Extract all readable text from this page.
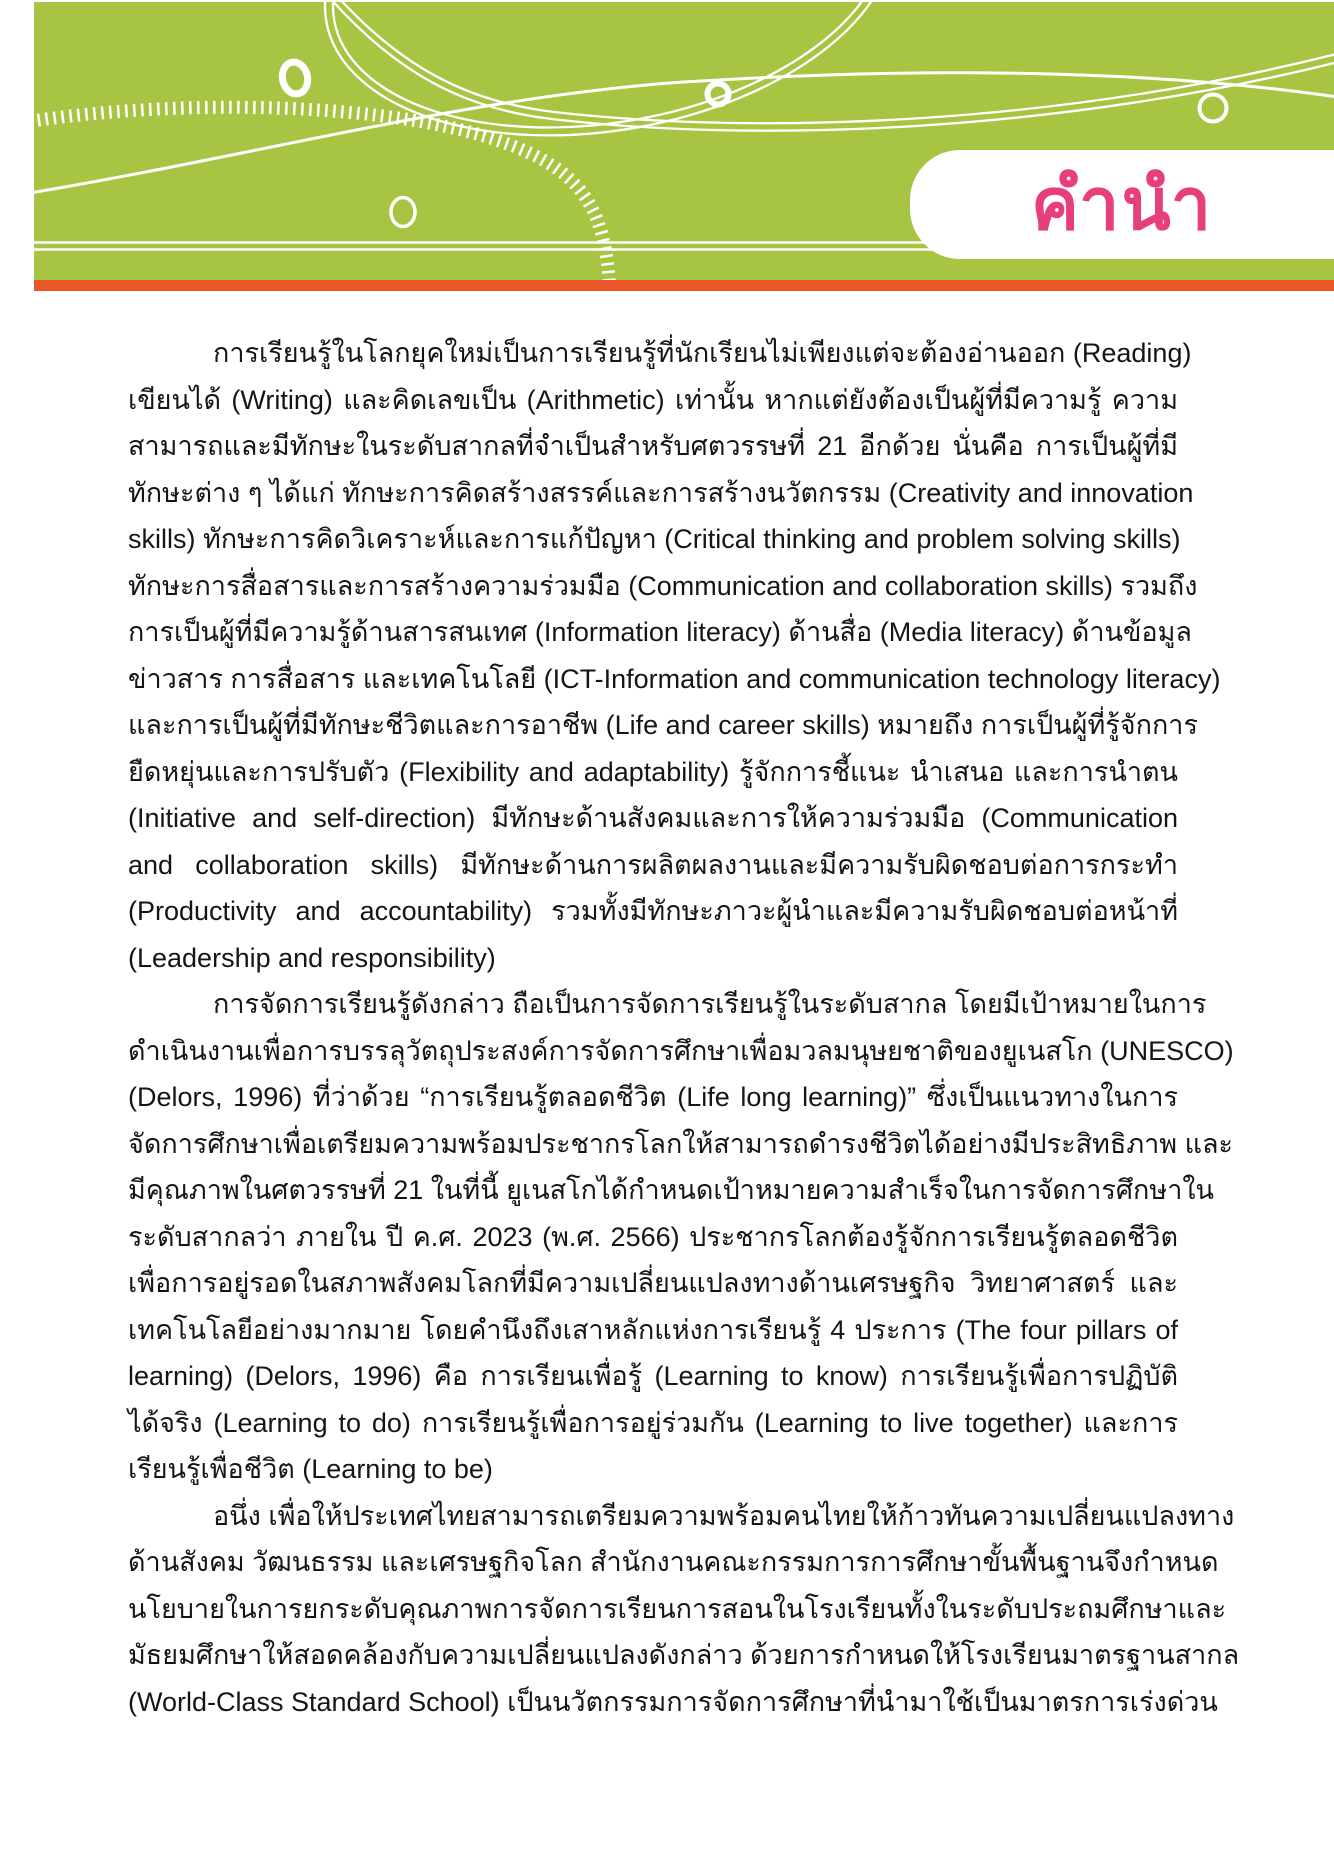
คำนำ
การเรียนรู้ในโลกยุคใหม่เป็นการเรียนรู้ที่นักเรียนไม่เพียงแต่จะต้องอ่านออก (Reading)
เขียนได้ (Writing) และคิดเลขเป็น (Arithmetic) เท่านั้น หากแต่ยังต้องเป็นผู้ที่มีความรู้ ความ
สามารถและมีทักษะในระดับสากลที่จำเป็นสำหรับศตวรรษที่ 21 อีกด้วย นั่นคือ การเป็นผู้ที่มี
ทักษะต่าง ๆ ได้แก่ ทักษะการคิดสร้างสรรค์และการสร้างนวัตกรรม (Creativity and innovation
skills) ทักษะการคิดวิเคราะห์และการแก้ปัญหา (Critical thinking and problem solving skills)
ทักษะการสื่อสารและการสร้างความร่วมมือ (Communication and collaboration skills) รวมถึง
การเป็นผู้ที่มีความรู้ด้านสารสนเทศ (Information literacy) ด้านสื่อ (Media literacy) ด้านข้อมูล
ข่าวสาร การสื่อสาร และเทคโนโลยี (ICT-Information and communication technology literacy)
และการเป็นผู้ที่มีทักษะชีวิตและการอาชีพ (Life and career skills) หมายถึง การเป็นผู้ที่รู้จักการ
ยืดหยุ่นและการปรับตัว (Flexibility and adaptability) รู้จักการชี้แนะ นำเสนอ และการนำตน
(Initiative and self-direction) มีทักษะด้านสังคมและการให้ความร่วมมือ (Communication
and collaboration skills) มีทักษะด้านการผลิตผลงานและมีความรับผิดชอบต่อการกระทำ
(Productivity and accountability) รวมทั้งมีทักษะภาวะผู้นำและมีความรับผิดชอบต่อหน้าที่
(Leadership and responsibility)
การจัดการเรียนรู้ดังกล่าว ถือเป็นการจัดการเรียนรู้ในระดับสากล โดยมีเป้าหมายในการ
ดำเนินงานเพื่อการบรรลุวัตถุประสงค์การจัดการศึกษาเพื่อมวลมนุษยชาติของยูเนสโก (UNESCO)
(Delors, 1996) ที่ว่าด้วย “การเรียนรู้ตลอดชีวิต (Life long learning)” ซึ่งเป็นแนวทางในการ
จัดการศึกษาเพื่อเตรียมความพร้อมประชากรโลกให้สามารถดำรงชีวิตได้อย่างมีประสิทธิภาพ และ
มีคุณภาพในศตวรรษที่ 21 ในที่นี้ ยูเนสโกได้กำหนดเป้าหมายความสำเร็จในการจัดการศึกษาใน
ระดับสากลว่า ภายใน ปี ค.ศ. 2023 (พ.ศ. 2566) ประชากรโลกต้องรู้จักการเรียนรู้ตลอดชีวิต
เพื่อการอยู่รอดในสภาพสังคมโลกที่มีความเปลี่ยนแปลงทางด้านเศรษฐกิจ วิทยาศาสตร์ และ
เทคโนโลยีอย่างมากมาย โดยคำนึงถึงเสาหลักแห่งการเรียนรู้ 4 ประการ (The four pillars of
learning) (Delors, 1996) คือ การเรียนเพื่อรู้ (Learning to know) การเรียนรู้เพื่อการปฏิบัติ
ได้จริง (Learning to do) การเรียนรู้เพื่อการอยู่ร่วมกัน (Learning to live together) และการ
เรียนรู้เพื่อชีวิต (Learning to be)
อนึ่ง เพื่อให้ประเทศไทยสามารถเตรียมความพร้อมคนไทยให้ก้าวทันความเปลี่ยนแปลงทาง
ด้านสังคม วัฒนธรรม และเศรษฐกิจโลก สำนักงานคณะกรรมการการศึกษาขั้นพื้นฐานจึงกำหนด
นโยบายในการยกระดับคุณภาพการจัดการเรียนการสอนในโรงเรียนทั้งในระดับประถมศึกษาและ
มัธยมศึกษาให้สอดคล้องกับความเปลี่ยนแปลงดังกล่าว ด้วยการกำหนดให้โรงเรียนมาตรฐานสากล
(World-Class Standard School) เป็นนวัตกรรมการจัดการศึกษาที่นำมาใช้เป็นมาตรการเร่งด่วน
